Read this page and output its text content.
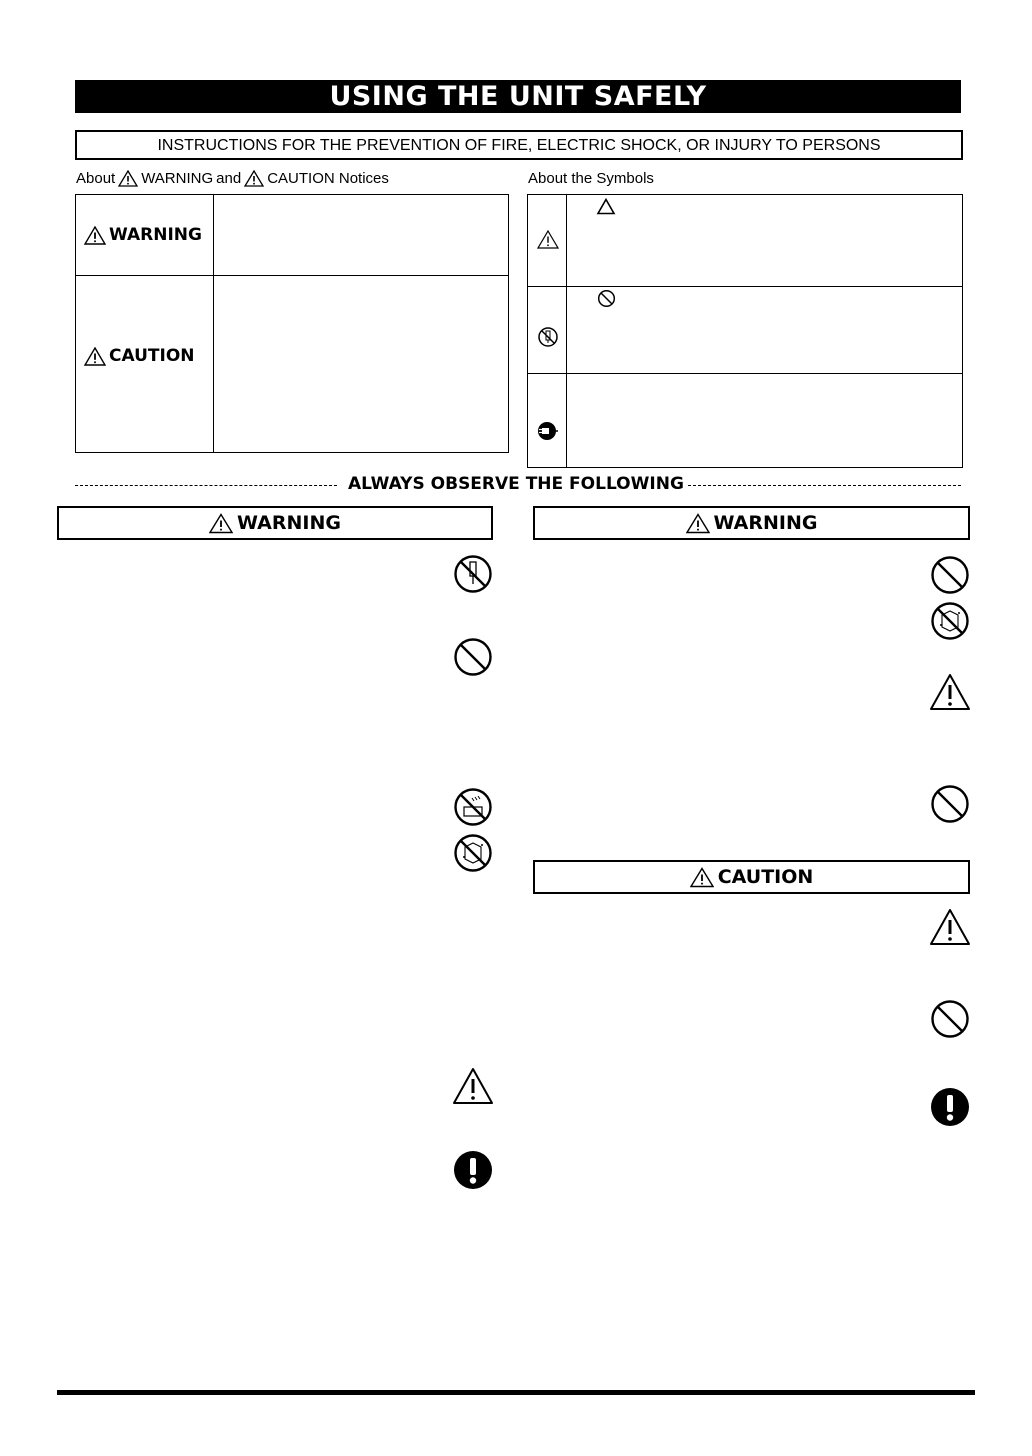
USING THE UNIT SAFELY
INSTRUCTIONS FOR THE PREVENTION OF FIRE, ELECTRIC SHOCK, OR INJURY TO PERSONS
About WARNING and CAUTION Notices	About the Symbols
WARNING
CAUTION
ALWAYS OBSERVE THE FOLLOWING
WARNING	WARNING
CAUTION
